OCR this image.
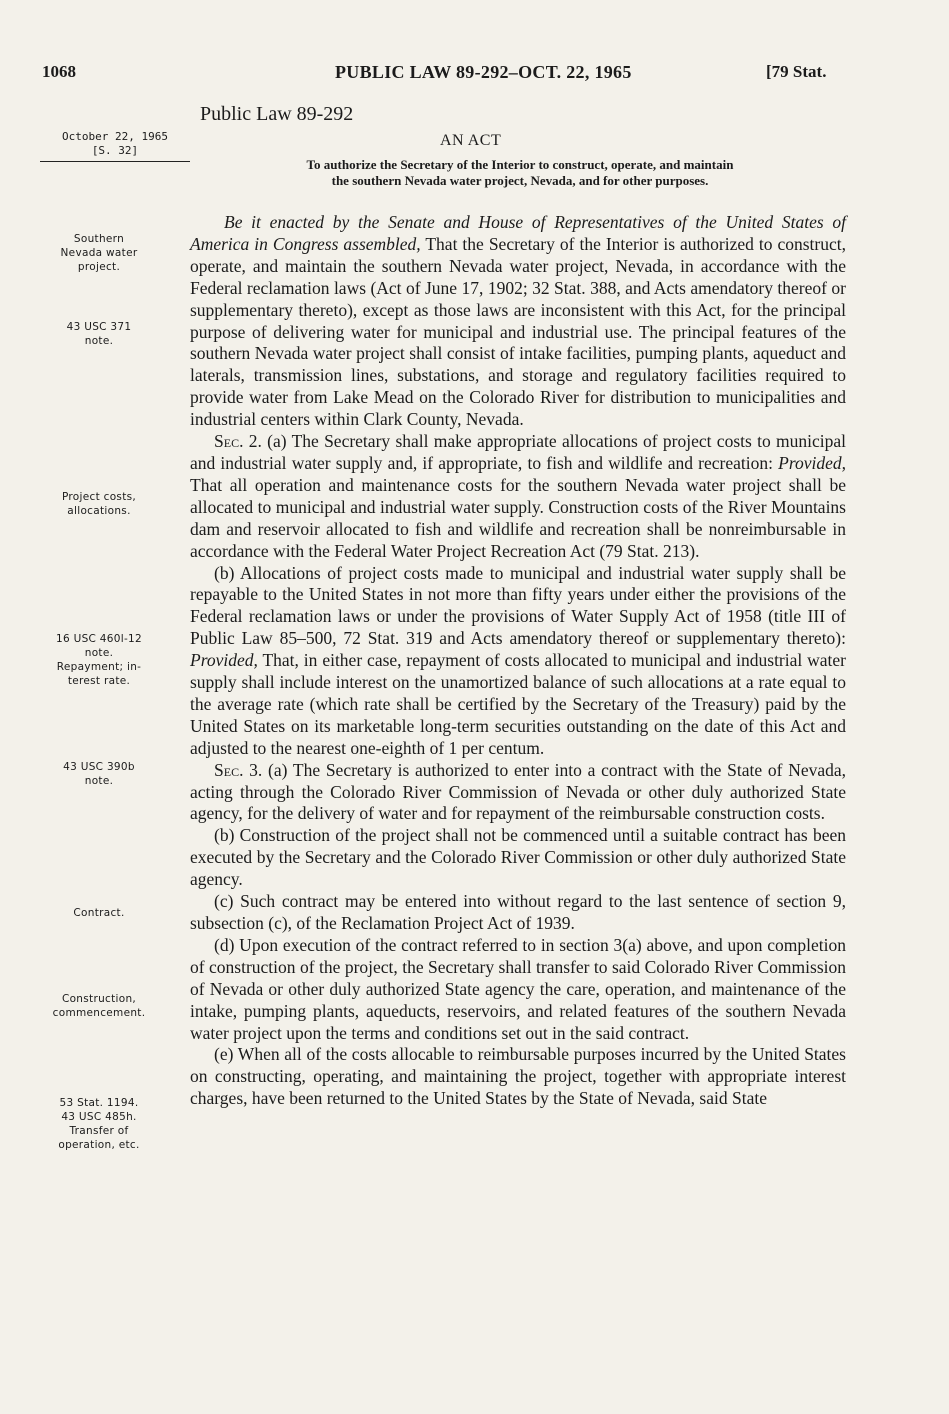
1068	PUBLIC LAW 89-292–OCT. 22, 1965	[79 Stat.
Public Law 89-292
October 22, 1965
[S. 32]
AN ACT
To authorize the Secretary of the Interior to construct, operate, and maintain
the southern Nevada water project, Nevada, and for other purposes.
Southern
Nevada water
project.
43 USC 371
note.
Project costs,
allocations.
16 USC 460l-12
note.
Repayment; in-
terest rate.
43 USC 390b
note.
Contract.
Construction,
commencement.
53 Stat. 1194.
43 USC 485h.
Transfer of
operation, etc.

Be it enacted by the Senate and House of Representatives of the United States of America in Congress assembled, That the Secretary of the Interior is authorized to construct, operate, and maintain the southern Nevada water project, Nevada, in accordance with the Federal reclamation laws (Act of June 17, 1902; 32 Stat. 388, and Acts amendatory thereof or supplementary thereto), except as those laws are inconsistent with this Act, for the principal purpose of delivering water for municipal and industrial use. The principal features of the southern Nevada water project shall consist of intake facilities, pumping plants, aqueduct and laterals, transmission lines, substations, and storage and regulatory facilities required to provide water from Lake Mead on the Colorado River for distribution to municipalities and industrial centers within Clark County, Nevada.

Sec. 2. (a) The Secretary shall make appropriate allocations of project costs to municipal and industrial water supply and, if appropriate, to fish and wildlife and recreation: Provided, That all operation and maintenance costs for the southern Nevada water project shall be allocated to municipal and industrial water supply. Construction costs of the River Mountains dam and reservoir allocated to fish and wildlife and recreation shall be nonreimbursable in accordance with the Federal Water Project Recreation Act (79 Stat. 213).

(b) Allocations of project costs made to municipal and industrial water supply shall be repayable to the United States in not more than fifty years under either the provisions of the Federal reclamation laws or under the provisions of Water Supply Act of 1958 (title III of Public Law 85–500, 72 Stat. 319 and Acts amendatory thereof or supplementary thereto): Provided, That, in either case, repayment of costs allocated to municipal and industrial water supply shall include interest on the unamortized balance of such allocations at a rate equal to the average rate (which rate shall be certified by the Secretary of the Treasury) paid by the United States on its marketable long-term securities outstanding on the date of this Act and adjusted to the nearest one-eighth of 1 per centum.

Sec. 3. (a) The Secretary is authorized to enter into a contract with the State of Nevada, acting through the Colorado River Commission of Nevada or other duly authorized State agency, for the delivery of water and for repayment of the reimbursable construction costs.

(b) Construction of the project shall not be commenced until a suitable contract has been executed by the Secretary and the Colorado River Commission or other duly authorized State agency.

(c) Such contract may be entered into without regard to the last sentence of section 9, subsection (c), of the Reclamation Project Act of 1939.

(d) Upon execution of the contract referred to in section 3(a) above, and upon completion of construction of the project, the Secretary shall transfer to said Colorado River Commission of Nevada or other duly authorized State agency the care, operation, and maintenance of the intake, pumping plants, aqueducts, reservoirs, and related features of the southern Nevada water project upon the terms and conditions set out in the said contract.

(e) When all of the costs allocable to reimbursable purposes incurred by the United States on constructing, operating, and maintaining the project, together with appropriate interest charges, have been returned to the United States by the State of Nevada, said State
